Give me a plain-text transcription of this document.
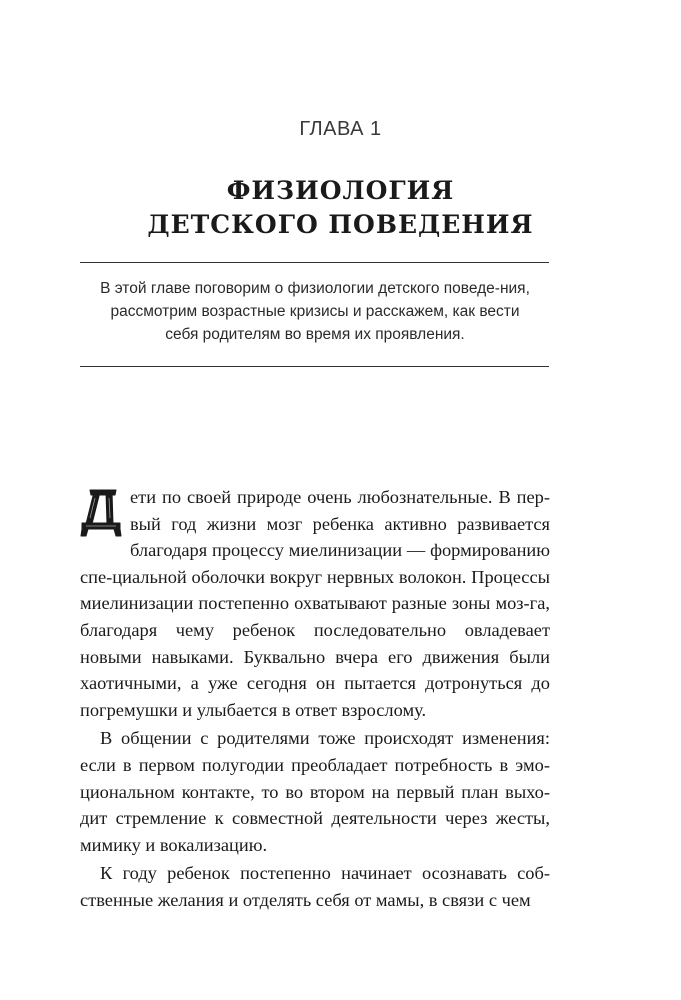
ГЛАВА 1
ФИЗИОЛОГИЯ
ДЕТСКОГО ПОВЕДЕНИЯ
В этой главе поговорим о физиологии детского поведе-ния, рассмотрим возрастные кризисы и расскажем, как вести себя родителям во время их проявления.

ети по своей природе очень любознательные. В пер-вый год жизни мозг ребенка активно развивается благодаря процессу миелинизации — формированию спе-циальной оболочки вокруг нервных волокон. Процессы миелинизации постепенно охватывают разные зоны моз-га, благодаря чему ребенок последовательно овладевает новыми навыками. Буквально вчера его движения были хаотичными, а уже сегодня он пытается дотронуться до погремушки и улыбается в ответ взрослому.

В общении с родителями тоже происходят изменения: если в первом полугодии преобладает потребность в эмо-циональном контакте, то во втором на первый план выхо-дит стремление к совместной деятельности через жесты, мимику и вокализацию.

К году ребенок постепенно начинает осознавать соб-ственные желания и отделять себя от мамы, в связи с чем
